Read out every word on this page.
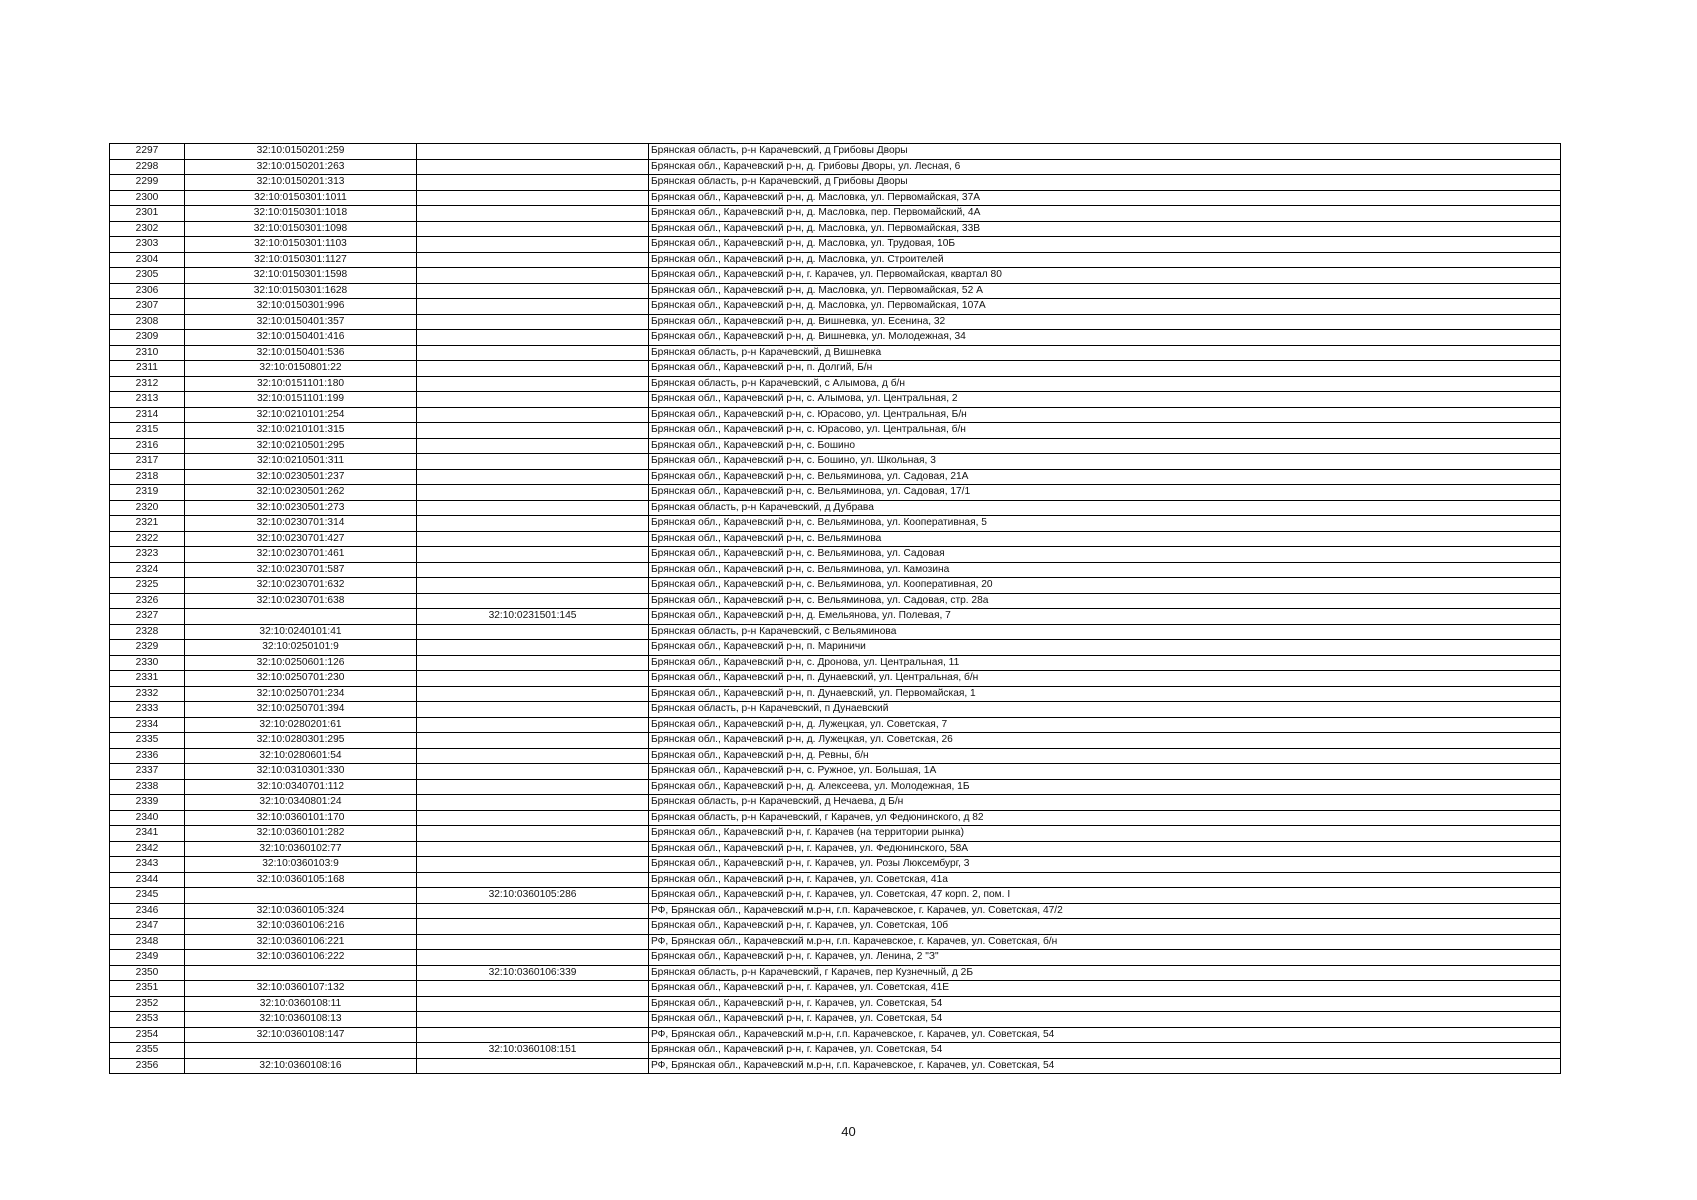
2297	32:10:0150201:259		Брянская область, р-н Карачевский, д Грибовы Дворы
2298	32:10:0150201:263		Брянская обл., Карачевский р-н, д. Грибовы Дворы, ул. Лесная, 6
2299	32:10:0150201:313		Брянская область, р-н Карачевский, д Грибовы Дворы
2300	32:10:0150301:1011		Брянская обл., Карачевский р-н, д. Масловка, ул. Первомайская, 37А
2301	32:10:0150301:1018		Брянская обл., Карачевский р-н, д. Масловка, пер. Первомайский, 4А
2302	32:10:0150301:1098		Брянская обл., Карачевский р-н, д. Масловка, ул. Первомайская, 33В
2303	32:10:0150301:1103		Брянская обл., Карачевский р-н, д. Масловка, ул. Трудовая, 10Б
2304	32:10:0150301:1127		Брянская обл., Карачевский р-н, д. Масловка, ул. Строителей
2305	32:10:0150301:1598		Брянская обл., Карачевский р-н, г. Карачев, ул. Первомайская, квартал 80
2306	32:10:0150301:1628		Брянская обл., Карачевский р-н, д. Масловка, ул. Первомайская, 52 А
2307	32:10:0150301:996		Брянская обл., Карачевский р-н, д. Масловка, ул. Первомайская, 107А
2308	32:10:0150401:357		Брянская обл., Карачевский р-н, д. Вишневка, ул. Есенина, 32
2309	32:10:0150401:416		Брянская обл., Карачевский р-н, д. Вишневка, ул. Молодежная, 34
2310	32:10:0150401:536		Брянская область, р-н Карачевский, д Вишневка
2311	32:10:0150801:22		Брянская обл., Карачевский р-н, п. Долгий, Б/н
2312	32:10:0151101:180		Брянская область, р-н Карачевский, с Алымова, д б/н
2313	32:10:0151101:199		Брянская обл., Карачевский р-н, с. Алымова, ул. Центральная, 2
2314	32:10:0210101:254		Брянская обл., Карачевский р-н, с. Юрасово, ул. Центральная, Б/н
2315	32:10:0210101:315		Брянская обл., Карачевский р-н, с. Юрасово, ул. Центральная, б/н
2316	32:10:0210501:295		Брянская обл., Карачевский р-н, с. Бошино
2317	32:10:0210501:311		Брянская обл., Карачевский р-н, с. Бошино, ул. Школьная, 3
2318	32:10:0230501:237		Брянская обл., Карачевский р-н, с. Вельяминова, ул. Садовая, 21А
2319	32:10:0230501:262		Брянская обл., Карачевский р-н, с. Вельяминова, ул. Садовая, 17/1
2320	32:10:0230501:273		Брянская область, р-н Карачевский, д Дубрава
2321	32:10:0230701:314		Брянская обл., Карачевский р-н, с. Вельяминова, ул. Кооперативная, 5
2322	32:10:0230701:427		Брянская обл., Карачевский р-н, с. Вельяминова
2323	32:10:0230701:461		Брянская обл., Карачевский р-н, с. Вельяминова, ул. Садовая
2324	32:10:0230701:587		Брянская обл., Карачевский р-н, с. Вельяминова, ул. Камозина
2325	32:10:0230701:632		Брянская обл., Карачевский р-н, с. Вельяминова, ул. Кооперативная, 20
2326	32:10:0230701:638		Брянская обл., Карачевский р-н, с. Вельяминова, ул. Садовая, стр. 28а
2327		32:10:0231501:145	Брянская обл., Карачевский р-н, д. Емельянова, ул. Полевая, 7
2328	32:10:0240101:41		Брянская область, р-н Карачевский, с Вельяминова
2329	32:10:0250101:9		Брянская обл., Карачевский р-н, п. Мариничи
2330	32:10:0250601:126		Брянская обл., Карачевский р-н, с. Дронова, ул. Центральная, 11
2331	32:10:0250701:230		Брянская обл., Карачевский р-н, п. Дунаевский, ул. Центральная, б/н
2332	32:10:0250701:234		Брянская обл., Карачевский р-н, п. Дунаевский, ул. Первомайская, 1
2333	32:10:0250701:394		Брянская область, р-н Карачевский, п Дунаевский
2334	32:10:0280201:61		Брянская обл., Карачевский р-н, д. Лужецкая, ул. Советская, 7
2335	32:10:0280301:295		Брянская обл., Карачевский р-н, д. Лужецкая, ул. Советская, 26
2336	32:10:0280601:54		Брянская обл., Карачевский р-н, д. Ревны, б/н
2337	32:10:0310301:330		Брянская обл., Карачевский р-н, с. Ружное, ул. Большая, 1А
2338	32:10:0340701:112		Брянская обл., Карачевский р-н, д. Алексеева, ул. Молодежная, 1Б
2339	32:10:0340801:24		Брянская область, р-н Карачевский, д Нечаева, д Б/н
2340	32:10:0360101:170		Брянская область, р-н Карачевский, г Карачев, ул Федюнинского, д 82
2341	32:10:0360101:282		Брянская обл., Карачевский р-н, г. Карачев (на территории рынка)
2342	32:10:0360102:77		Брянская обл., Карачевский р-н, г. Карачев, ул. Федюнинского, 58А
2343	32:10:0360103:9		Брянская обл., Карачевский р-н, г. Карачев, ул. Розы Люксембург, 3
2344	32:10:0360105:168		Брянская обл., Карачевский р-н, г. Карачев, ул. Советская, 41а
2345		32:10:0360105:286	Брянская обл., Карачевский р-н, г. Карачев, ул. Советская, 47 корп. 2, пом. I
2346	32:10:0360105:324		РФ, Брянская обл., Карачевский м.р-н, г.п. Карачевское, г. Карачев, ул. Советская, 47/2
2347	32:10:0360106:216		Брянская обл., Карачевский р-н, г. Карачев, ул. Советская, 10б
2348	32:10:0360106:221		РФ, Брянская обл., Карачевский м.р-н, г.п. Карачевское, г. Карачев, ул. Советская, б/н
2349	32:10:0360106:222		Брянская обл., Карачевский р-н, г. Карачев, ул. Ленина, 2 "З"
2350		32:10:0360106:339	Брянская область, р-н Карачевский, г Карачев, пер Кузнечный, д 2Б
2351	32:10:0360107:132		Брянская обл., Карачевский р-н, г. Карачев, ул. Советская, 41Е
2352	32:10:0360108:11		Брянская обл., Карачевский р-н, г. Карачев, ул. Советская, 54
2353	32:10:0360108:13		Брянская обл., Карачевский р-н, г. Карачев, ул. Советская, 54
2354	32:10:0360108:147		РФ, Брянская обл., Карачевский м.р-н, г.п. Карачевское, г. Карачев, ул. Советская, 54
2355		32:10:0360108:151	Брянская обл., Карачевский р-н, г. Карачев, ул. Советская, 54
2356	32:10:0360108:16		РФ, Брянская обл., Карачевский м.р-н, г.п. Карачевское, г. Карачев, ул. Советская, 54
40
